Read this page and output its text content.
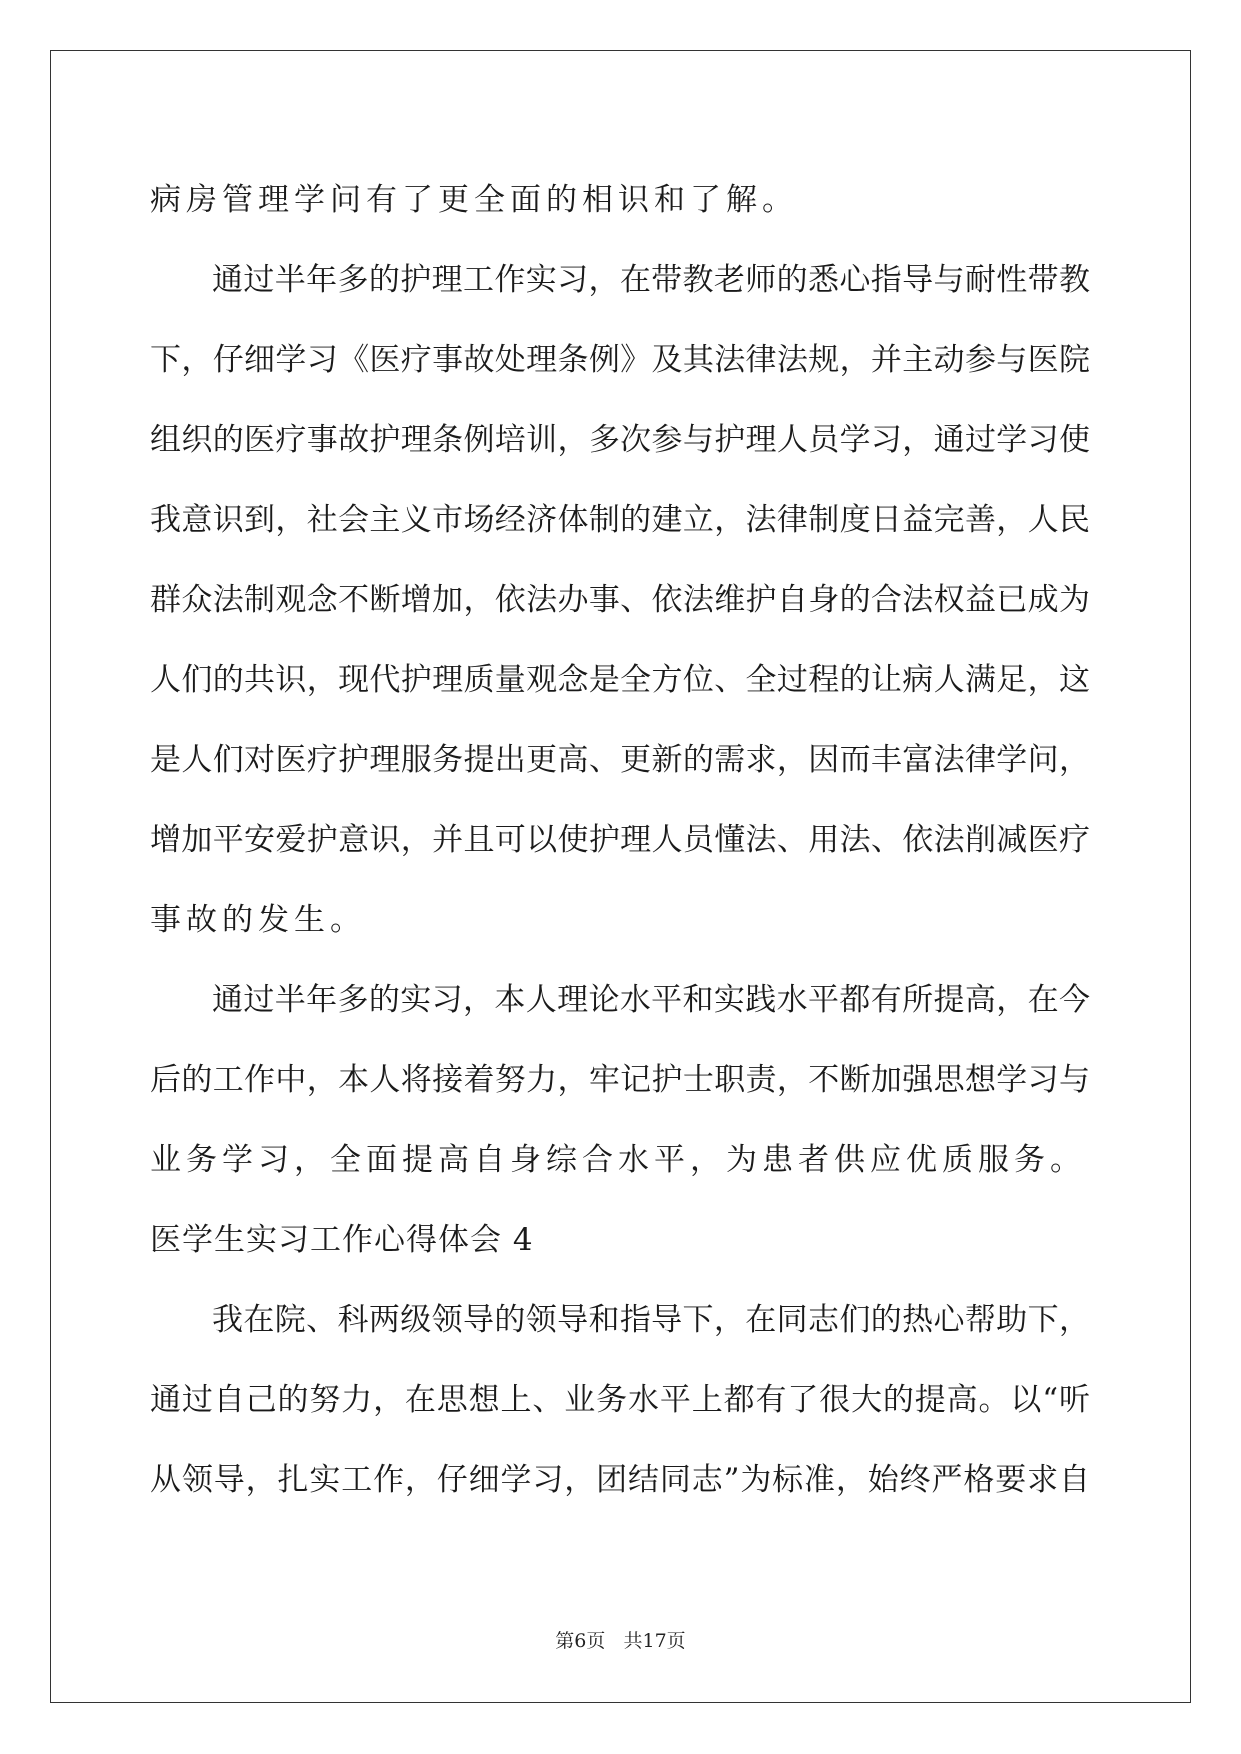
病房管理学问有了更全面的相识和了解。
通过半年多的护理工作实习，在带教老师的悉心指导与耐性带教
下，仔细学习《医疗事故处理条例》及其法律法规，并主动参与医院
组织的医疗事故护理条例培训，多次参与护理人员学习，通过学习使
我意识到，社会主义市场经济体制的建立，法律制度日益完善，人民
群众法制观念不断增加，依法办事、依法维护自身的合法权益已成为
人们的共识，现代护理质量观念是全方位、全过程的让病人满足，这
是人们对医疗护理服务提出更高、更新的需求，因而丰富法律学问，
增加平安爱护意识，并且可以使护理人员懂法、用法、依法削减医疗
事故的发生。
通过半年多的实习，本人理论水平和实践水平都有所提高，在今
后的工作中，本人将接着努力，牢记护士职责，不断加强思想学习与
业务学习，全面提高自身综合水平，为患者供应优质服务。
医学生实习工作心得体会 4
我在院、科两级领导的领导和指导下，在同志们的热心帮助下，
通过自己的努力，在思想上、业务水平上都有了很大的提高。以“听
从领导，扎实工作，仔细学习，团结同志”为标准，始终严格要求自
第6页   共17页
